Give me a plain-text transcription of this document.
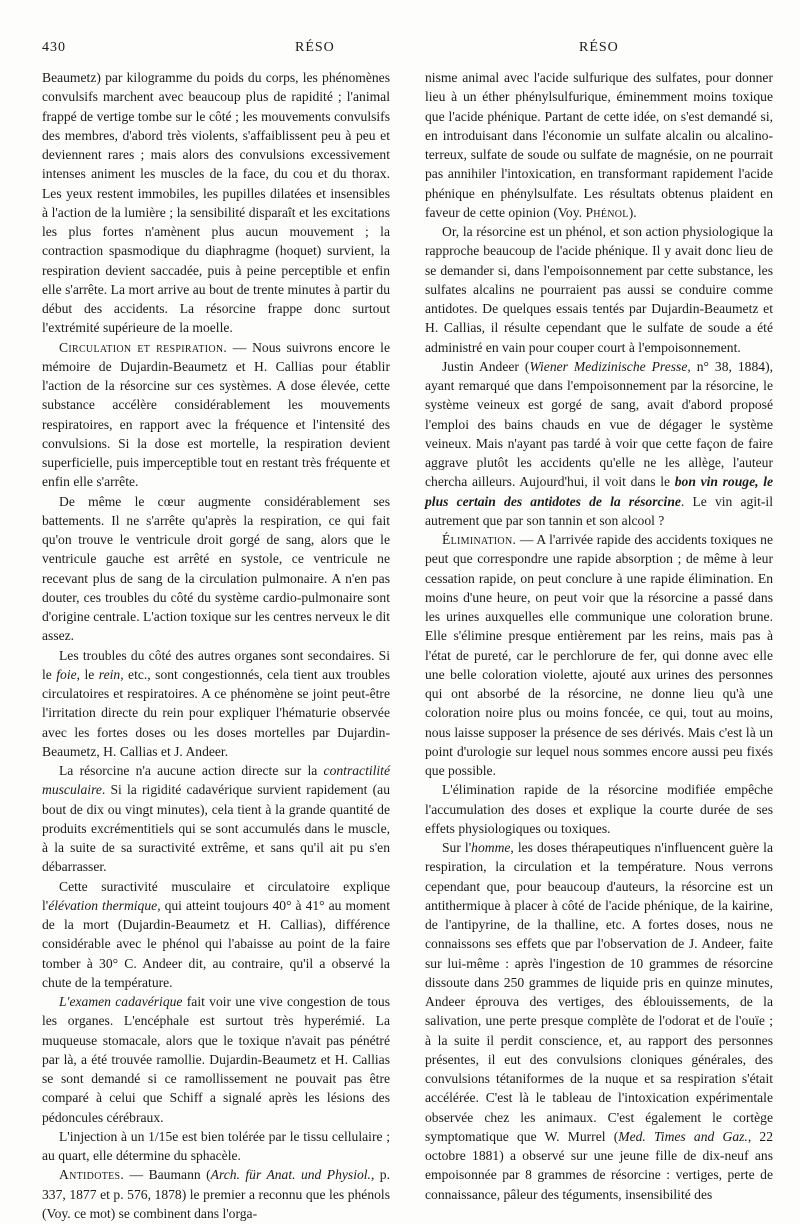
430	RÉSO	RÉSO

Beaumetz) par kilogramme du poids du corps, les phénomènes convulsifs marchent avec beaucoup plus de rapidité ; l'animal frappé de vertige tombe sur le côté ; les mouvements convulsifs des membres, d'abord très violents, s'affaiblissent peu à peu et deviennent rares ; mais alors des convulsions excessivement intenses animent les muscles de la face, du cou et du thorax. Les yeux restent immobiles, les pupilles dilatées et insensibles à l'action de la lumière ; la sensibilité disparaît et les excitations les plus fortes n'amènent plus aucun mouvement ; la contraction spasmodique du diaphragme (hoquet) survient, la respiration devient saccadée, puis à peine perceptible et enfin elle s'arrête. La mort arrive au bout de trente minutes à partir du début des accidents. La résorcine frappe donc surtout l'extrémité supérieure de la moelle.

Circulation et respiration. — Nous suivrons encore le mémoire de Dujardin-Beaumetz et H. Callias pour établir l'action de la résorcine sur ces systèmes. A dose élevée, cette substance accélère considérablement les mouvements respiratoires, en rapport avec la fréquence et l'intensité des convulsions. Si la dose est mortelle, la respiration devient superficielle, puis imperceptible tout en restant très fréquente et enfin elle s'arrête.

De même le cœur augmente considérablement ses battements. Il ne s'arrête qu'après la respiration, ce qui fait qu'on trouve le ventricule droit gorgé de sang, alors que le ventricule gauche est arrêté en systole, ce ventricule ne recevant plus de sang de la circulation pulmonaire. A n'en pas douter, ces troubles du côté du système cardio-pulmonaire sont d'origine centrale. L'action toxique sur les centres nerveux le dit assez.

Les troubles du côté des autres organes sont secondaires. Si le foie, le rein, etc., sont congestionnés, cela tient aux troubles circulatoires et respiratoires. A ce phénomène se joint peut-être l'irritation directe du rein pour expliquer l'hématurie observée avec les fortes doses ou les doses mortelles par Dujardin-Beaumetz, H. Callias et J. Andeer.

La résorcine n'a aucune action directe sur la contractilité musculaire. Si la rigidité cadavérique survient rapidement (au bout de dix ou vingt minutes), cela tient à la grande quantité de produits excrémentitiels qui se sont accumulés dans le muscle, à la suite de sa suractivité extrême, et sans qu'il ait pu s'en débarrasser.

Cette suractivité musculaire et circulatoire explique l'élévation thermique, qui atteint toujours 40° à 41° au moment de la mort (Dujardin-Beaumetz et H. Callias), différence considérable avec le phénol qui l'abaisse au point de la faire tomber à 30° C. Andeer dit, au contraire, qu'il a observé la chute de la température.

L'examen cadavérique fait voir une vive congestion de tous les organes. L'encéphale est surtout très hyperémié. La muqueuse stomacale, alors que le toxique n'avait pas pénétré par là, a été trouvée ramollie. Dujardin-Beaumetz et H. Callias se sont demandé si ce ramollissement ne pouvait pas être comparé à celui que Schiff a signalé après les lésions des pédoncules cérébraux.

L'injection à un 1/15e est bien tolérée par le tissu cellulaire ; au quart, elle détermine du sphacèle.

Antidotes. — Baumann (Arch. für Anat. und Physiol., p. 337, 1877 et p. 576, 1878) le premier a reconnu que les phénols (Voy. ce mot) se combinent dans l'orga-

nisme animal avec l'acide sulfurique des sulfates, pour donner lieu à un éther phénylsulfurique, éminemment moins toxique que l'acide phénique. Partant de cette idée, on s'est demandé si, en introduisant dans l'économie un sulfate alcalin ou alcalino-terreux, sulfate de soude ou sulfate de magnésie, on ne pourrait pas annihiler l'intoxication, en transformant rapidement l'acide phénique en phénylsulfate. Les résultats obtenus plaident en faveur de cette opinion (Voy. Phénol).

Or, la résorcine est un phénol, et son action physiologique la rapproche beaucoup de l'acide phénique. Il y avait donc lieu de se demander si, dans l'empoisonnement par cette substance, les sulfates alcalins ne pourraient pas aussi se conduire comme antidotes. De quelques essais tentés par Dujardin-Beaumetz et H. Callias, il résulte cependant que le sulfate de soude a été administré en vain pour couper court à l'empoisonnement.

Justin Andeer (Wiener Medizinische Presse, n° 38, 1884), ayant remarqué que dans l'empoisonnement par la résorcine, le système veineux est gorgé de sang, avait d'abord proposé l'emploi des bains chauds en vue de dégager le système veineux. Mais n'ayant pas tardé à voir que cette façon de faire aggrave plutôt les accidents qu'elle ne les allège, l'auteur chercha ailleurs. Aujourd'hui, il voit dans le bon vin rouge, le plus certain des antidotes de la résorcine. Le vin agit-il autrement que par son tannin et son alcool ?

Élimination. — A l'arrivée rapide des accidents toxiques ne peut que correspondre une rapide absorption ; de même à leur cessation rapide, on peut conclure à une rapide élimination. En moins d'une heure, on peut voir que la résorcine a passé dans les urines auxquelles elle communique une coloration brune. Elle s'élimine presque entièrement par les reins, mais pas à l'état de pureté, car le perchlorure de fer, qui donne avec elle une belle coloration violette, ajouté aux urines des personnes qui ont absorbé de la résorcine, ne donne lieu qu'à une coloration noire plus ou moins foncée, ce qui, tout au moins, nous laisse supposer la présence de ses dérivés. Mais c'est là un point d'urologie sur lequel nous sommes encore aussi peu fixés que possible.

L'élimination rapide de la résorcine modifiée empêche l'accumulation des doses et explique la courte durée de ses effets physiologiques ou toxiques.

Sur l'homme, les doses thérapeutiques n'influencent guère la respiration, la circulation et la température. Nous verrons cependant que, pour beaucoup d'auteurs, la résorcine est un antithermique à placer à côté de l'acide phénique, de la kairine, de l'antipyrine, de la thalline, etc. A fortes doses, nous ne connaissons ses effets que par l'observation de J. Andeer, faite sur lui-même : après l'ingestion de 10 grammes de résorcine dissoute dans 250 grammes de liquide pris en quinze minutes, Andeer éprouva des vertiges, des éblouissements, de la salivation, une perte presque complète de l'odorat et de l'ouïe ; à la suite il perdit conscience, et, au rapport des personnes présentes, il eut des convulsions cloniques générales, des convulsions tétaniformes de la nuque et sa respiration s'était accélérée. C'est là le tableau de l'intoxication expérimentale observée chez les animaux. C'est également le cortège symptomatique que W. Murrel (Med. Times and Gaz., 22 octobre 1881) a observé sur une jeune fille de dix-neuf ans empoisonnée par 8 grammes de résorcine : vertiges, perte de connaissance, pâleur des téguments, insensibilité des
